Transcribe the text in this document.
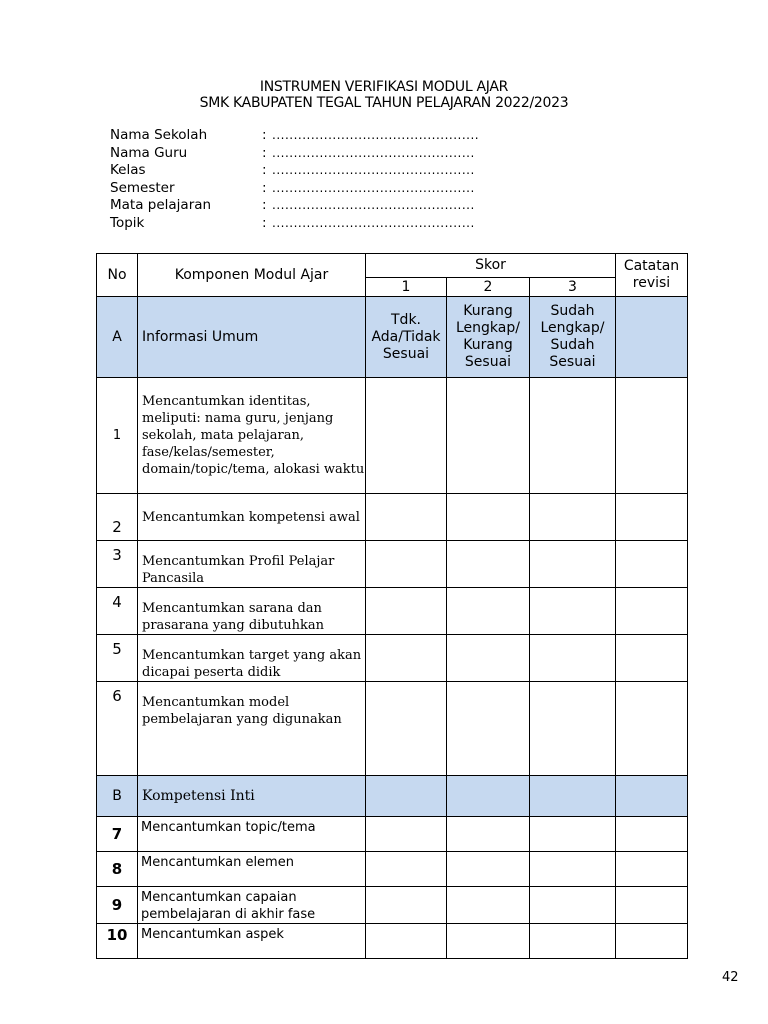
INSTRUMEN VERIFIKASI MODUL AJAR
SMK KABUPATEN TEGAL TAHUN PELAJARAN 2022/2023
Nama Sekolah	: ................................................
Nama Guru	: ...............................................
Kelas	: ...............................................
Semester	: ...............................................
Mata pelajaran	: ...............................................
Topik	: ...............................................
No	Komponen Modul Ajar	Skor			Catatan revisi
		1	2	3	
A	Informasi Umum	Tdk. Ada/Tidak Sesuai	Kurang Lengkap/ Kurang Sesuai	Sudah Lengkap/ Sudah Sesuai	
1	Mencantumkan identitas, meliputi: nama guru, jenjang sekolah, mata pelajaran, fase/kelas/semester, domain/topic/tema, alokasi waktu				
2	Mencantumkan kompetensi awal				
3	Mencantumkan Profil Pelajar Pancasila				
4	Mencantumkan sarana dan prasarana yang dibutuhkan				
5	Mencantumkan target yang akan dicapai peserta didik				
6	Mencantumkan model pembelajaran yang digunakan				
B	Kompetensi Inti				
7	Mencantumkan topic/tema				
8	Mencantumkan elemen				
9	Mencantumkan capaian pembelajaran di akhir fase				
10	Mencantumkan aspek				
42
